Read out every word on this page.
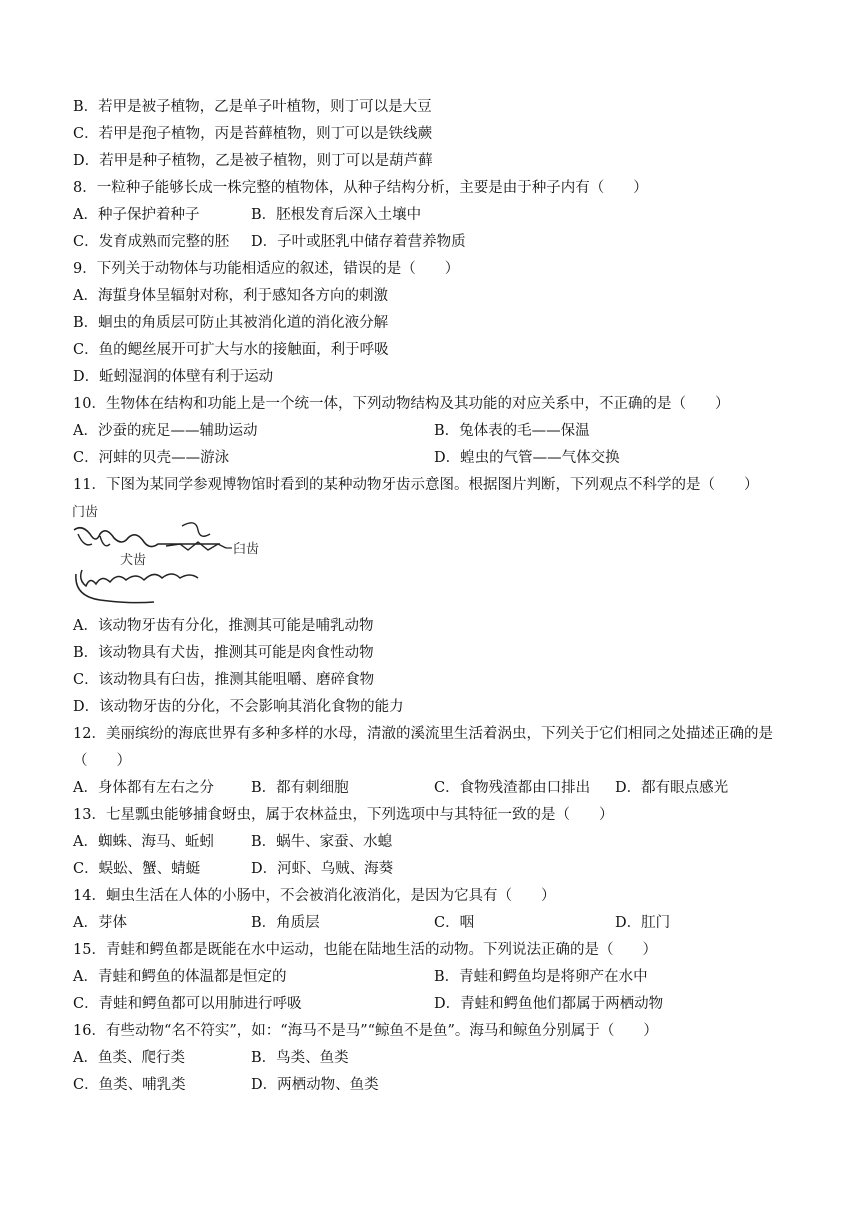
B．若甲是被子植物，乙是单子叶植物，则丁可以是大豆
C．若甲是孢子植物，丙是苔藓植物，则丁可以是铁线蕨
D．若甲是种子植物，乙是被子植物，则丁可以是葫芦藓
8．一粒种子能够长成一株完整的植物体，从种子结构分析，主要是由于种子内有（　　）
A．种子保护着种子	B．胚根发育后深入土壤中
C．发育成熟而完整的胚 D．子叶或胚乳中储存着营养物质
9．下列关于动物体与功能相适应的叙述，错误的是（　　）
A．海蜇身体呈辐射对称，利于感知各方向的刺激
B．蛔虫的角质层可防止其被消化道的消化液分解
C．鱼的鳃丝展开可扩大与水的接触面，利于呼吸
D．蚯蚓湿润的体壁有利于运动
10．生物体在结构和功能上是一个统一体，下列动物结构及其功能的对应关系中，不正确的是（　　）
A．沙蚕的疣足——辅助运动	B．兔体表的毛——保温
C．河蚌的贝壳——游泳	D．蝗虫的气管——气体交换
11．下图为某同学参观博物馆时看到的某种动物牙齿示意图。根据图片判断，下列观点不科学的是（　　）
门齿
臼齿
犬齿
A．该动物牙齿有分化，推测其可能是哺乳动物
B．该动物具有犬齿，推测其可能是肉食性动物
C．该动物具有臼齿，推测其能咀嚼、磨碎食物
D．该动物牙齿的分化，不会影响其消化食物的能力
12．美丽缤纷的海底世界有多种多样的水母，清澈的溪流里生活着涡虫，下列关于它们相同之处描述正确的是
（　　）
A．身体都有左右之分	B．都有刺细胞	C．食物残渣都由口排出 D．都有眼点感光
13．七星瓢虫能够捕食蚜虫，属于农林益虫，下列选项中与其特征一致的是（　　）
A．蜘蛛、海马、蚯蚓	B．蜗牛、家蚕、水螅
C．蜈蚣、蟹、蜻蜓	D．河虾、乌贼、海葵
14．蛔虫生活在人体的小肠中，不会被消化液消化，是因为它具有（　　）
A．芽体	B．角质层	C．咽	D．肛门
15．青蛙和鳄鱼都是既能在水中运动，也能在陆地生活的动物。下列说法正确的是（　　）
A．青蛙和鳄鱼的体温都是恒定的	B．青蛙和鳄鱼均是将卵产在水中
C．青蛙和鳄鱼都可以用肺进行呼吸	D．青蛙和鳄鱼他们都属于两栖动物
16．有些动物“名不符实”，如：“海马不是马”“鲸鱼不是鱼”。海马和鲸鱼分别属于（　　）
A．鱼类、爬行类	B．鸟类、鱼类
C．鱼类、哺乳类	D．两栖动物、鱼类
